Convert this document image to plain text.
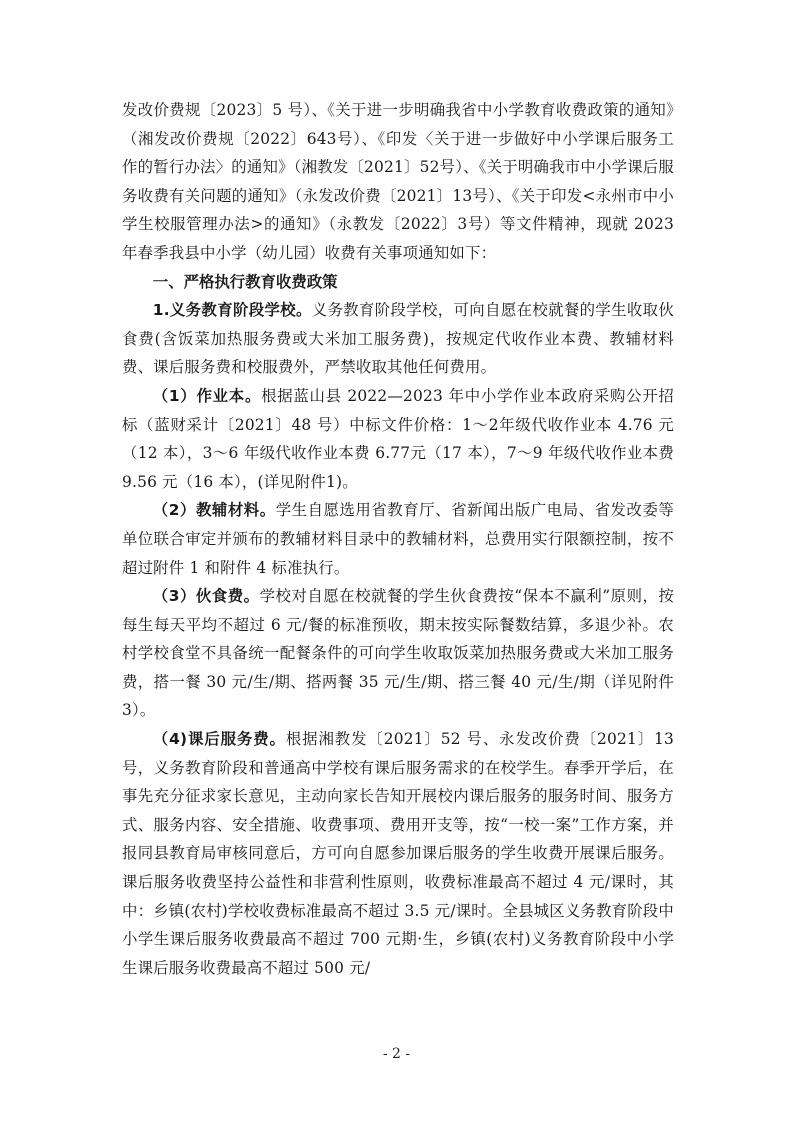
发改价费规〔2023〕5 号）、《关于进一步明确我省中小学教育收费政策的通知》（湘发改价费规〔2022〕643号）、《印发〈关于进一步做好中小学课后服务工作的暂行办法〉的通知》（湘教发〔2021〕52号）、《关于明确我市中小学课后服务收费有关问题的通知》（永发改价费〔2021〕13号）、《关于印发<永州市中小学生校服管理办法>的通知》（永教发〔2022〕3号）等文件精神，现就 2023 年春季我县中小学（幼儿园）收费有关事项通知如下：

一、严格执行教育收费政策

1.义务教育阶段学校。义务教育阶段学校，可向自愿在校就餐的学生收取伙食费(含饭菜加热服务费或大米加工服务费)，按规定代收作业本费、教辅材料费、课后服务费和校服费外，严禁收取其他任何费用。

（1）作业本。根据蓝山县 2022—2023 年中小学作业本政府采购公开招标（蓝财采计〔2021〕48 号）中标文件价格：1～2年级代收作业本 4.76 元（12 本），3～6 年级代收作业本费 6.77元（17 本），7～9 年级代收作业本费 9.56 元（16 本），(详见附件1)。

（2）教辅材料。学生自愿选用省教育厅、省新闻出版广电局、省发改委等单位联合审定并颁布的教辅材料目录中的教辅材料，总费用实行限额控制，按不超过附件 1 和附件 4 标准执行。

（3）伙食费。学校对自愿在校就餐的学生伙食费按“保本不赢利”原则，按每生每天平均不超过 6 元/餐的标准预收，期末按实际餐数结算，多退少补。农村学校食堂不具备统一配餐条件的可向学生收取饭菜加热服务费或大米加工服务费，搭一餐 30 元/生/期、搭两餐 35 元/生/期、搭三餐 40 元/生/期（详见附件 3）。

（4)课后服务费。根据湘教发〔2021〕52 号、永发改价费〔2021〕13 号，义务教育阶段和普通高中学校有课后服务需求的在校学生。春季开学后，在事先充分征求家长意见，主动向家长告知开展校内课后服务的服务时间、服务方式、服务内容、安全措施、收费事项、费用开支等，按“一校一案”工作方案，并报同县教育局审核同意后，方可向自愿参加课后服务的学生收费开展课后服务。课后服务收费坚持公益性和非营利性原则，收费标准最高不超过 4 元/课时，其中：乡镇(农村)学校收费标准最高不超过 3.5 元/课时。全县城区义务教育阶段中小学生课后服务收费最高不超过 700 元期·生，乡镇(农村)义务教育阶段中小学生课后服务收费最高不超过 500 元/

- 2 -
